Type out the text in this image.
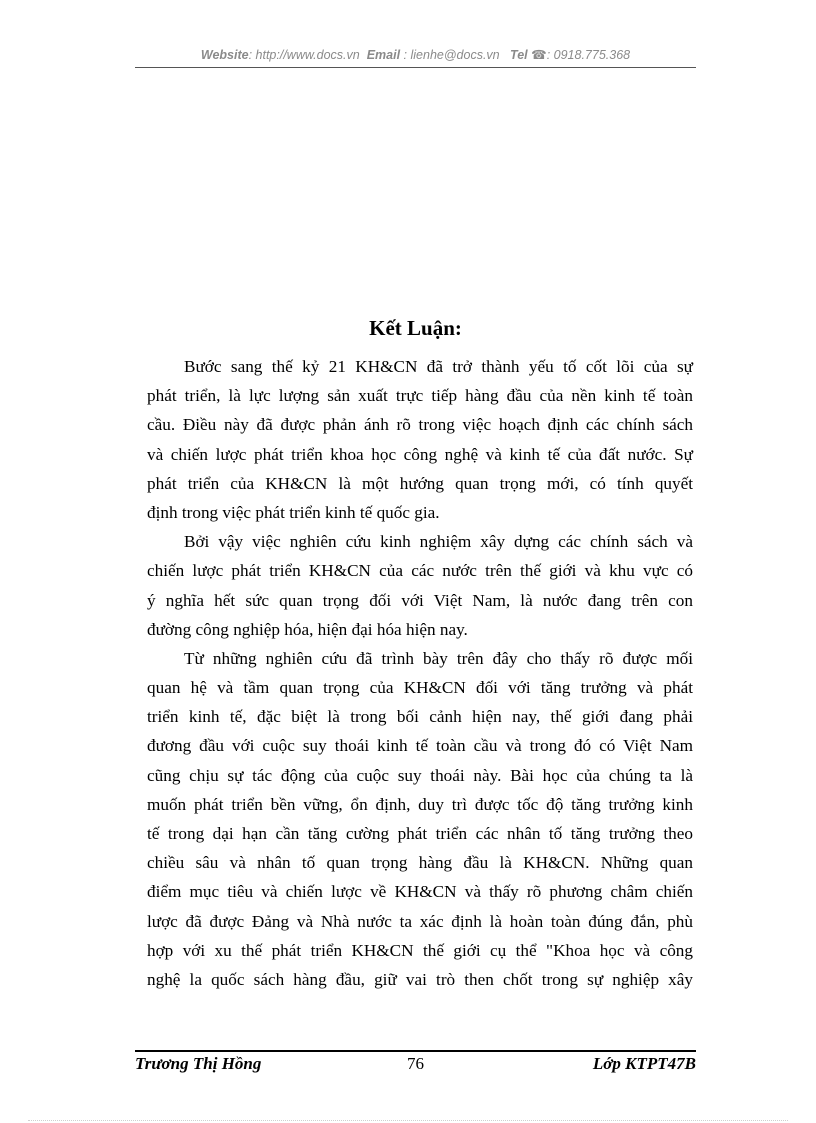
Website: http://www.docs.vn Email : lienhe@docs.vn Tel ☎: 0918.775.368
Kết Luận:
Bước sang thế kỷ 21 KH&CN đã trở thành yếu tố cốt lõi của sự
phát triển, là lực lượng sản xuất trực tiếp hàng đầu của nền kinh tế toàn
cầu. Điều này đã được phản ánh rõ trong việc hoạch định các chính sách
và chiến lược phát triển khoa học công nghệ và kinh tế của đất nước. Sự
phát triển của KH&CN là một hướng quan trọng mới, có tính quyết
định trong việc phát triển kinh tế quốc gia.
Bởi vậy việc nghiên cứu kinh nghiệm xây dựng các chính sách và
chiến lược phát triển KH&CN của các nước trên thế giới và khu vực có
ý nghĩa hết sức quan trọng đối với Việt Nam, là nước đang trên con
đường công nghiệp hóa, hiện đại hóa hiện nay.
Từ những nghiên cứu đã trình bày trên đây cho thấy rõ được mối
quan hệ và tầm quan trọng của KH&CN đối với tăng trưởng và phát
triển kinh tế, đặc biệt là trong bối cảnh hiện nay, thế giới đang phải
đương đầu với cuộc suy thoái kinh tế toàn cầu và trong đó có Việt Nam
cũng chịu sự tác động của cuộc suy thoái này. Bài học của chúng ta là
muốn phát triển bền vững, ổn định, duy trì được tốc độ tăng trưởng kinh
tế trong dại hạn cần tăng cường phát triển các nhân tố tăng trưởng theo
chiều sâu và nhân tố quan trọng hàng đầu là KH&CN. Những quan
điểm mục tiêu và chiến lược về KH&CN và thấy rõ phương châm chiến
lược đã được Đảng và Nhà nước ta xác định là hoàn toàn đúng đắn, phù
hợp với xu thế phát triển KH&CN thế giới cụ thể "Khoa học và công
nghệ la quốc sách hàng đầu, giữ vai trò then chốt trong sự nghiệp xây
76
Trương Thị Hồng	Lớp KTPT47B
